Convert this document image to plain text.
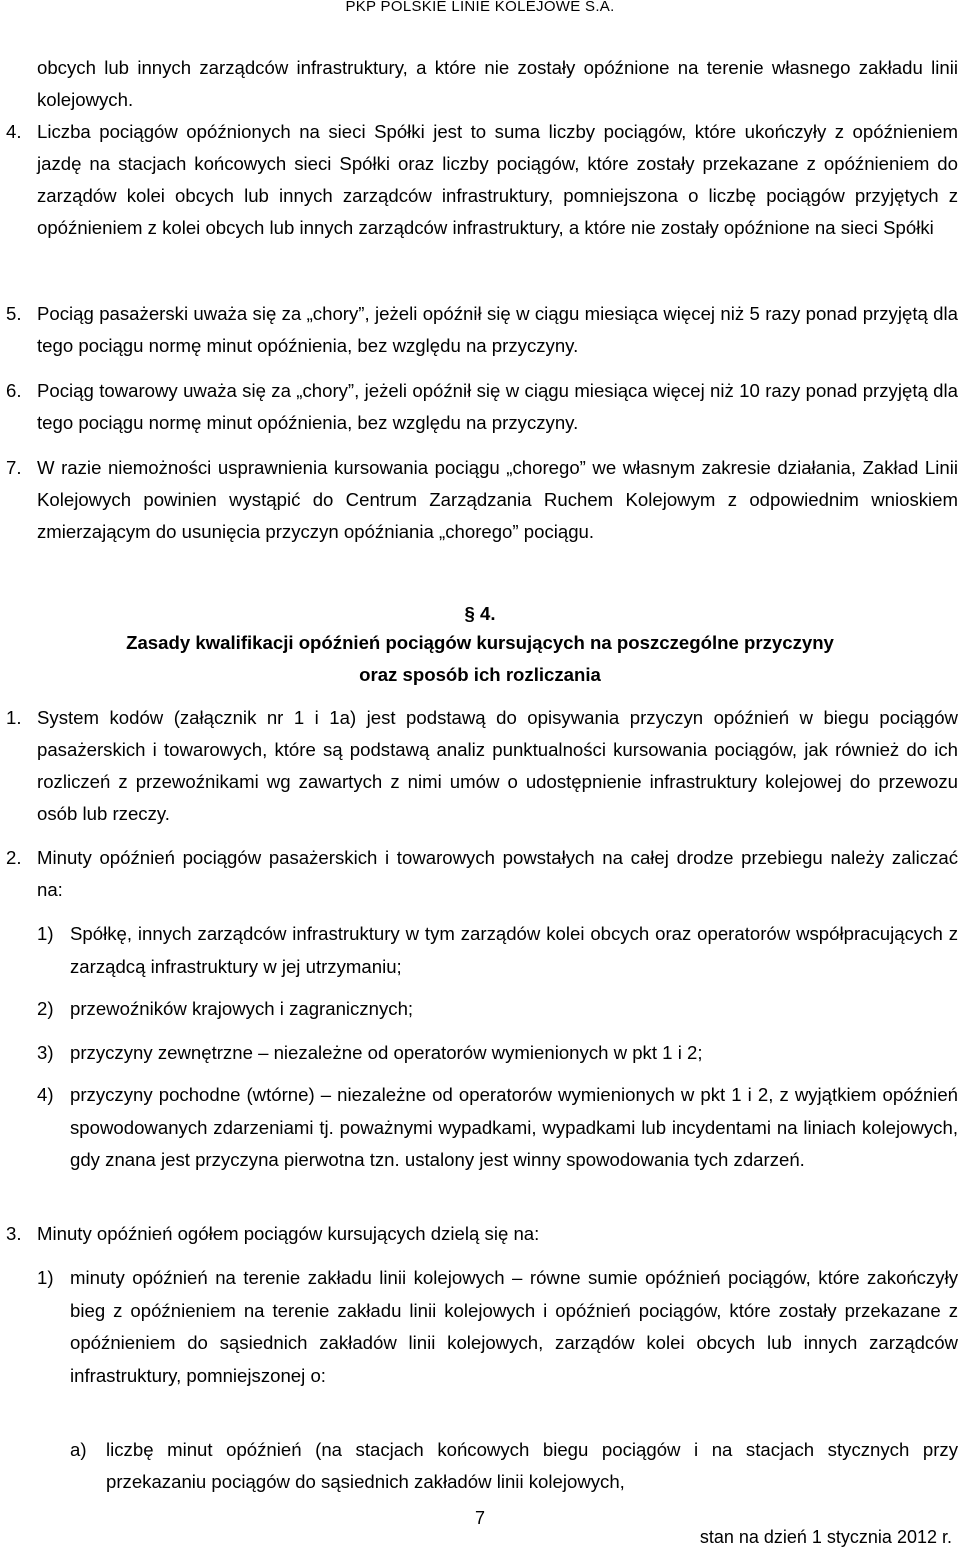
PKP POLSKIE LINIE KOLEJOWE S.A.
obcych lub innych zarządców infrastruktury, a które nie zostały opóźnione na terenie własnego zakładu linii kolejowych.
4. Liczba pociągów opóźnionych na sieci Spółki jest to suma liczby pociągów, które ukończyły z opóźnieniem jazdę na stacjach końcowych sieci Spółki oraz liczby pociągów, które zostały przekazane z opóźnieniem do zarządów kolei obcych lub innych zarządców infrastruktury, pomniejszona o liczbę pociągów przyjętych z opóźnieniem z kolei obcych lub innych zarządców infrastruktury, a które nie zostały opóźnione na sieci Spółki
5. Pociąg pasażerski uważa się za „chory”, jeżeli opóźnił się w ciągu miesiąca więcej niż 5 razy ponad przyjętą dla tego pociągu normę minut opóźnienia, bez względu na przyczyny.
6. Pociąg towarowy uważa się za „chory”, jeżeli opóźnił się w ciągu miesiąca więcej niż 10 razy ponad przyjętą dla tego pociągu normę minut opóźnienia, bez względu na przyczyny.
7. W razie niemożności usprawnienia kursowania pociągu „chorego” we własnym zakresie działania, Zakład Linii Kolejowych powinien wystąpić do Centrum Zarządzania Ruchem Kolejowym z odpowiednim wnioskiem zmierzającym do usunięcia przyczyn opóźniania „chorego” pociągu.
§ 4.
Zasady kwalifikacji opóźnień pociągów kursujących na poszczególne przyczyny
oraz sposób ich rozliczania
1. System kodów (załącznik nr 1 i 1a) jest podstawą do opisywania przyczyn opóźnień w biegu pociągów pasażerskich i towarowych, które są podstawą analiz punktualności kursowania pociągów, jak również do ich rozliczeń z przewoźnikami wg zawartych z nimi umów o udostępnienie infrastruktury kolejowej do przewozu osób lub rzeczy.
2. Minuty opóźnień pociągów pasażerskich i towarowych powstałych na całej drodze przebiegu należy zaliczać na:
1) Spółkę, innych zarządców infrastruktury w tym zarządów kolei obcych oraz operatorów współpracujących z zarządcą infrastruktury w jej utrzymaniu;
2) przewoźników krajowych i zagranicznych;
3) przyczyny zewnętrzne – niezależne od operatorów wymienionych w pkt 1 i 2;
4) przyczyny pochodne (wtórne) – niezależne od operatorów wymienionych w pkt 1 i 2, z wyjątkiem opóźnień spowodowanych zdarzeniami tj. poważnymi wypadkami, wypadkami lub incydentami na liniach kolejowych, gdy znana jest przyczyna pierwotna tzn. ustalony jest winny spowodowania tych zdarzeń.
3. Minuty opóźnień ogółem pociągów kursujących dzielą się na:
1) minuty opóźnień na terenie zakładu linii kolejowych – równe sumie opóźnień pociągów, które zakończyły bieg z opóźnieniem na terenie zakładu linii kolejowych i opóźnień pociągów, które zostały przekazane z opóźnieniem do sąsiednich zakładów linii kolejowych, zarządów kolei obcych lub innych zarządców infrastruktury, pomniejszonej o:
a) liczbę minut opóźnień (na stacjach końcowych biegu pociągów i na stacjach stycznych przy przekazaniu pociągów do sąsiednich zakładów linii kolejowych,
7
stan na dzień 1 stycznia 2012 r.
